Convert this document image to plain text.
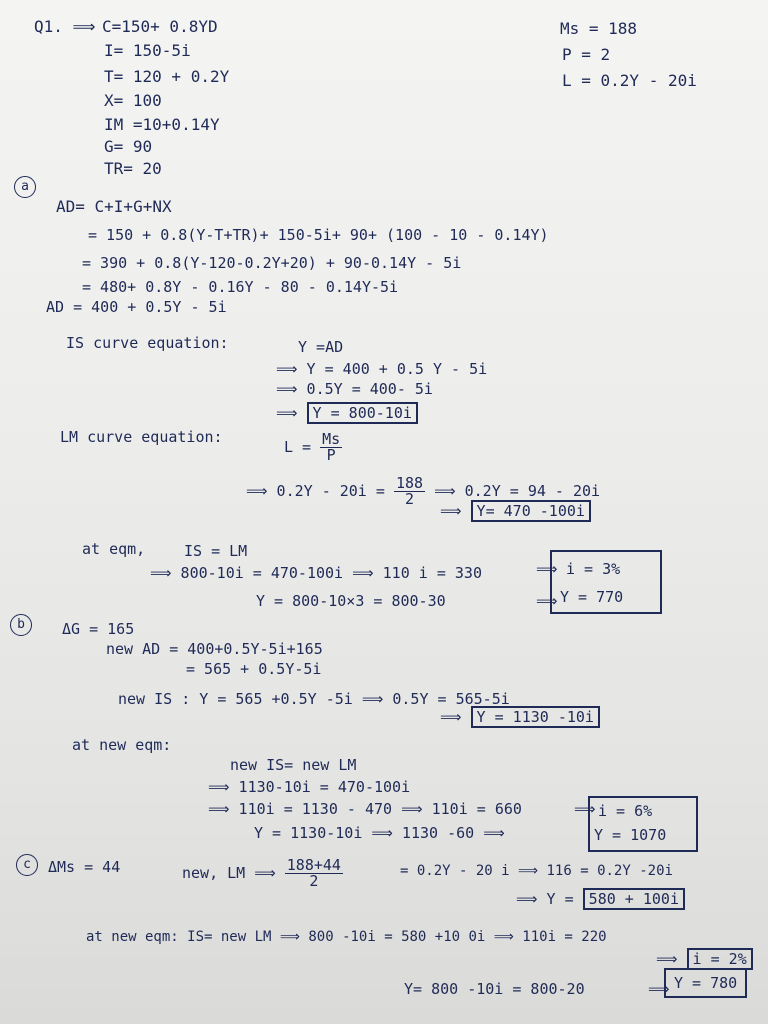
Q1. ⟹ C=150+ 0.8YD
I= 150-5i
T= 120 + 0.2Y
X= 100
IM =10+0.14Y
G= 90
TR= 20
Ms = 188
P = 2
L = 0.2Y - 20i
a
AD= C+I+G+NX
= 150 + 0.8(Y-T+TR)+ 150-5i+ 90+ (100 - 10 - 0.14Y)
= 390 + 0.8(Y-120-0.2Y+20) + 90-0.14Y - 5i
= 480+ 0.8Y - 0.16Y - 80 - 0.14Y-5i
AD = 400 + 0.5Y - 5i
IS curve equation:	Y =AD
⟹ Y = 400 + 0.5 Y - 5i
⟹ 0.5Y = 400- 5i
⟹ Y = 800-10i
LM curve equation:
$L = \frac{Ms}{P}$
⟹ $0.2Y - 20i = \frac{188}{2}$ ⟹ 0.2Y = 94 - 20i
⟹ Y= 470 -100i
at eqm,	IS = LM
⟹ 800-10i = 470-100i ⟹ 110 i = 330
Y = 800-10×3 = 800-30
⟹
⟹
i = 3%
Y = 770
b	ΔG = 165
new AD = 400+0.5Y-5i+165
= 565 + 0.5Y-5i
new IS : Y = 565 +0.5Y -5i ⟹ 0.5Y = 565-5i
⟹ Y = 1130 -10i
at new eqm:
new IS= new LM
⟹ 1130-10i = 470-100i
⟹ 110i = 1130 - 470 ⟹ 110i = 660
Y = 1130-10i ⟹ 1130 -60 ⟹
⟹ i = 6%
Y = 1070
c	ΔMs = 44	new, LM ⟹ $\frac{188+44}{2}$	= 0.2Y - 20 i ⟹ 116 = 0.2Y -20i
⟹ Y = 580 + 100i
at new eqm: IS= new LM ⟹ 800 -10i = 580 +10 0i ⟹ 110i = 220
⟹ i = 2%
Y= 800 -10i = 800-20	⟹ Y = 780
